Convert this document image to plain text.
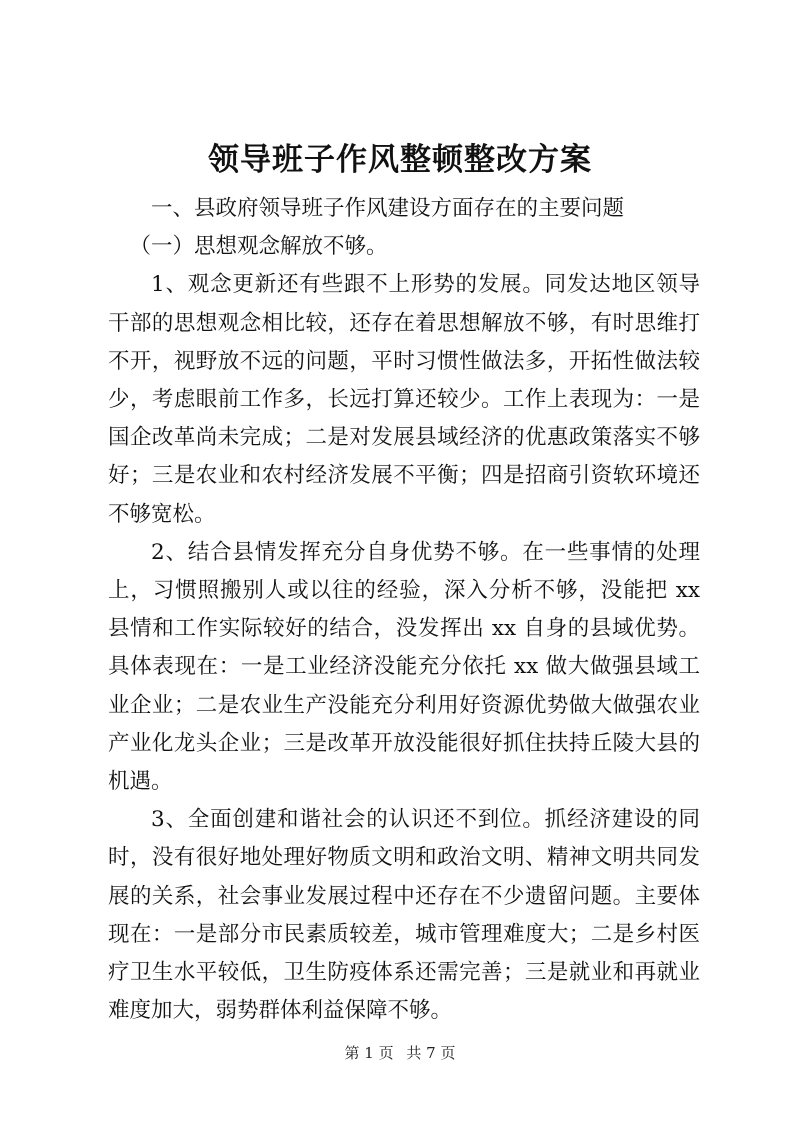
领导班子作风整顿整改方案

一、县政府领导班子作风建设方面存在的主要问题

（一）思想观念解放不够。

1、观念更新还有些跟不上形势的发展。同发达地区领导干部的思想观念相比较，还存在着思想解放不够，有时思维打不开，视野放不远的问题，平时习惯性做法多，开拓性做法较少，考虑眼前工作多，长远打算还较少。工作上表现为：一是国企改革尚未完成；二是对发展县域经济的优惠政策落实不够好；三是农业和农村经济发展不平衡；四是招商引资软环境还不够宽松。

2、结合县情发挥充分自身优势不够。在一些事情的处理上，习惯照搬别人或以往的经验，深入分析不够，没能把 xx 县情和工作实际较好的结合，没发挥出 xx 自身的县域优势。具体表现在：一是工业经济没能充分依托 xx 做大做强县域工业企业；二是农业生产没能充分利用好资源优势做大做强农业产业化龙头企业；三是改革开放没能很好抓住扶持丘陵大县的机遇。

3、全面创建和谐社会的认识还不到位。抓经济建设的同时，没有很好地处理好物质文明和政治文明、精神文明共同发展的关系，社会事业发展过程中还存在不少遗留问题。主要体现在：一是部分市民素质较差，城市管理难度大；二是乡村医疗卫生水平较低，卫生防疫体系还需完善；三是就业和再就业难度加大，弱势群体利益保障不够。

第 1 页 共 7 页
